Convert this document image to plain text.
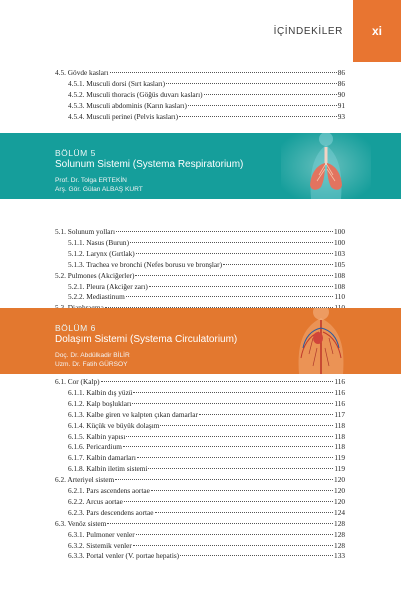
İÇİNDEKİLER	xi
4.5. Gövde kasları	86
4.5.1. Musculi dorsi (Sırt kasları)	86
4.5.2. Musculi thoracis (Göğüs duvarı kasları)	90
4.5.3. Musculi abdominis (Karın kasları)	91
4.5.4. Musculi perinei (Pelvis kasları)	93
BÖLÜM 5
Solunum Sistemi (Systema Respiratorium)
Prof. Dr. Tolga ERTEKİN
Arş. Gör. Gülan ALBAŞ KURT
5.1. Solunum yolları	100
5.1.1. Nasus (Burun)	100
5.1.2. Larynx (Gırtlak)	103
5.1.3. Trachea ve bronchi (Nefes borusu ve bronşlar)	105
5.2. Pulmones (Akciğerler)	108
5.2.1. Pleura (Akciğer zarı)	108
5.2.2. Mediastinum	110
BÖLÜM 6
Dolaşım Sistemi (Systema Circulatorium)
Doç. Dr. Abdülkadir BİLİR
Uzm. Dr. Fatih GÜRSOY
6.1. Cor (Kalp)	116
6.1.1. Kalbin dış yüzü	116
6.1.2. Kalp boşlukları	116
6.1.3. Kalbe giren ve kalpten çıkan damarlar	117
6.1.4. Küçük ve büyük dolaşım	118
6.1.5. Kalbin yapısı	118
6.1.6. Pericardium	118
6.1.7. Kalbin damarları	119
6.1.8. Kalbin iletim sistemi	119
6.2. Arteriyel sistem	120
6.2.1. Pars ascendens aortae	120
6.2.2. Arcus aortae	120
6.2.3. Pars descendens aortae	124
6.3. Venöz sistem	128
6.3.1. Pulmoner venler	128
6.3.2. Sistemik venler	128
6.3.3. Portal venler (V. portae hepatis)	133
